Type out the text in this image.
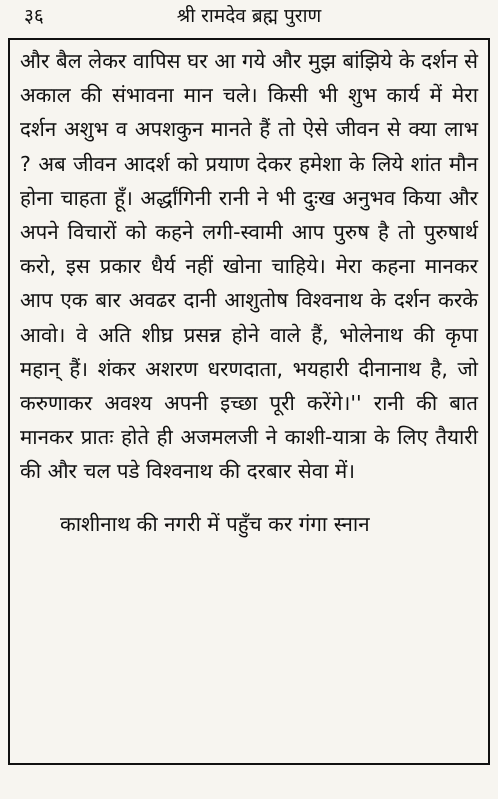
३६	श्री रामदेव ब्रह्म पुराण

और बैल लेकर वापिस घर आ गये और मुझ बांझिये के दर्शन से अकाल की संभावना मान चले। किसी भी शुभ कार्य में मेरा दर्शन अशुभ व अपशकुन मानते हैं तो ऐसे जीवन से क्या लाभ ? अब जीवन आदर्श को प्रयाण देकर हमेशा के लिये शांत मौन होना चाहता हूँ। अर्द्धांगिनी रानी ने भी दुःख अनुभव किया और अपने विचारों को कहने लगी-स्वामी आप पुरुष है तो पुरुषार्थ करो, इस प्रकार धैर्य नहीं खोना चाहिये। मेरा कहना मानकर आप एक बार अवढर दानी आशुतोष विश्वनाथ के दर्शन करके आवो। वे अति शीघ्र प्रसन्न होने वाले हैं, भोलेनाथ की कृपा महान् हैं। शंकर अशरण धरणदाता, भयहारी दीनानाथ है, जो करुणाकर अवश्य अपनी इच्छा पूरी करेंगे।'' रानी की बात मानकर प्रातः होते ही अजमलजी ने काशी-यात्रा के लिए तैयारी की और चल पडे विश्वनाथ की दरबार सेवा में।

काशीनाथ की नगरी में पहुँच कर गंगा स्नान
